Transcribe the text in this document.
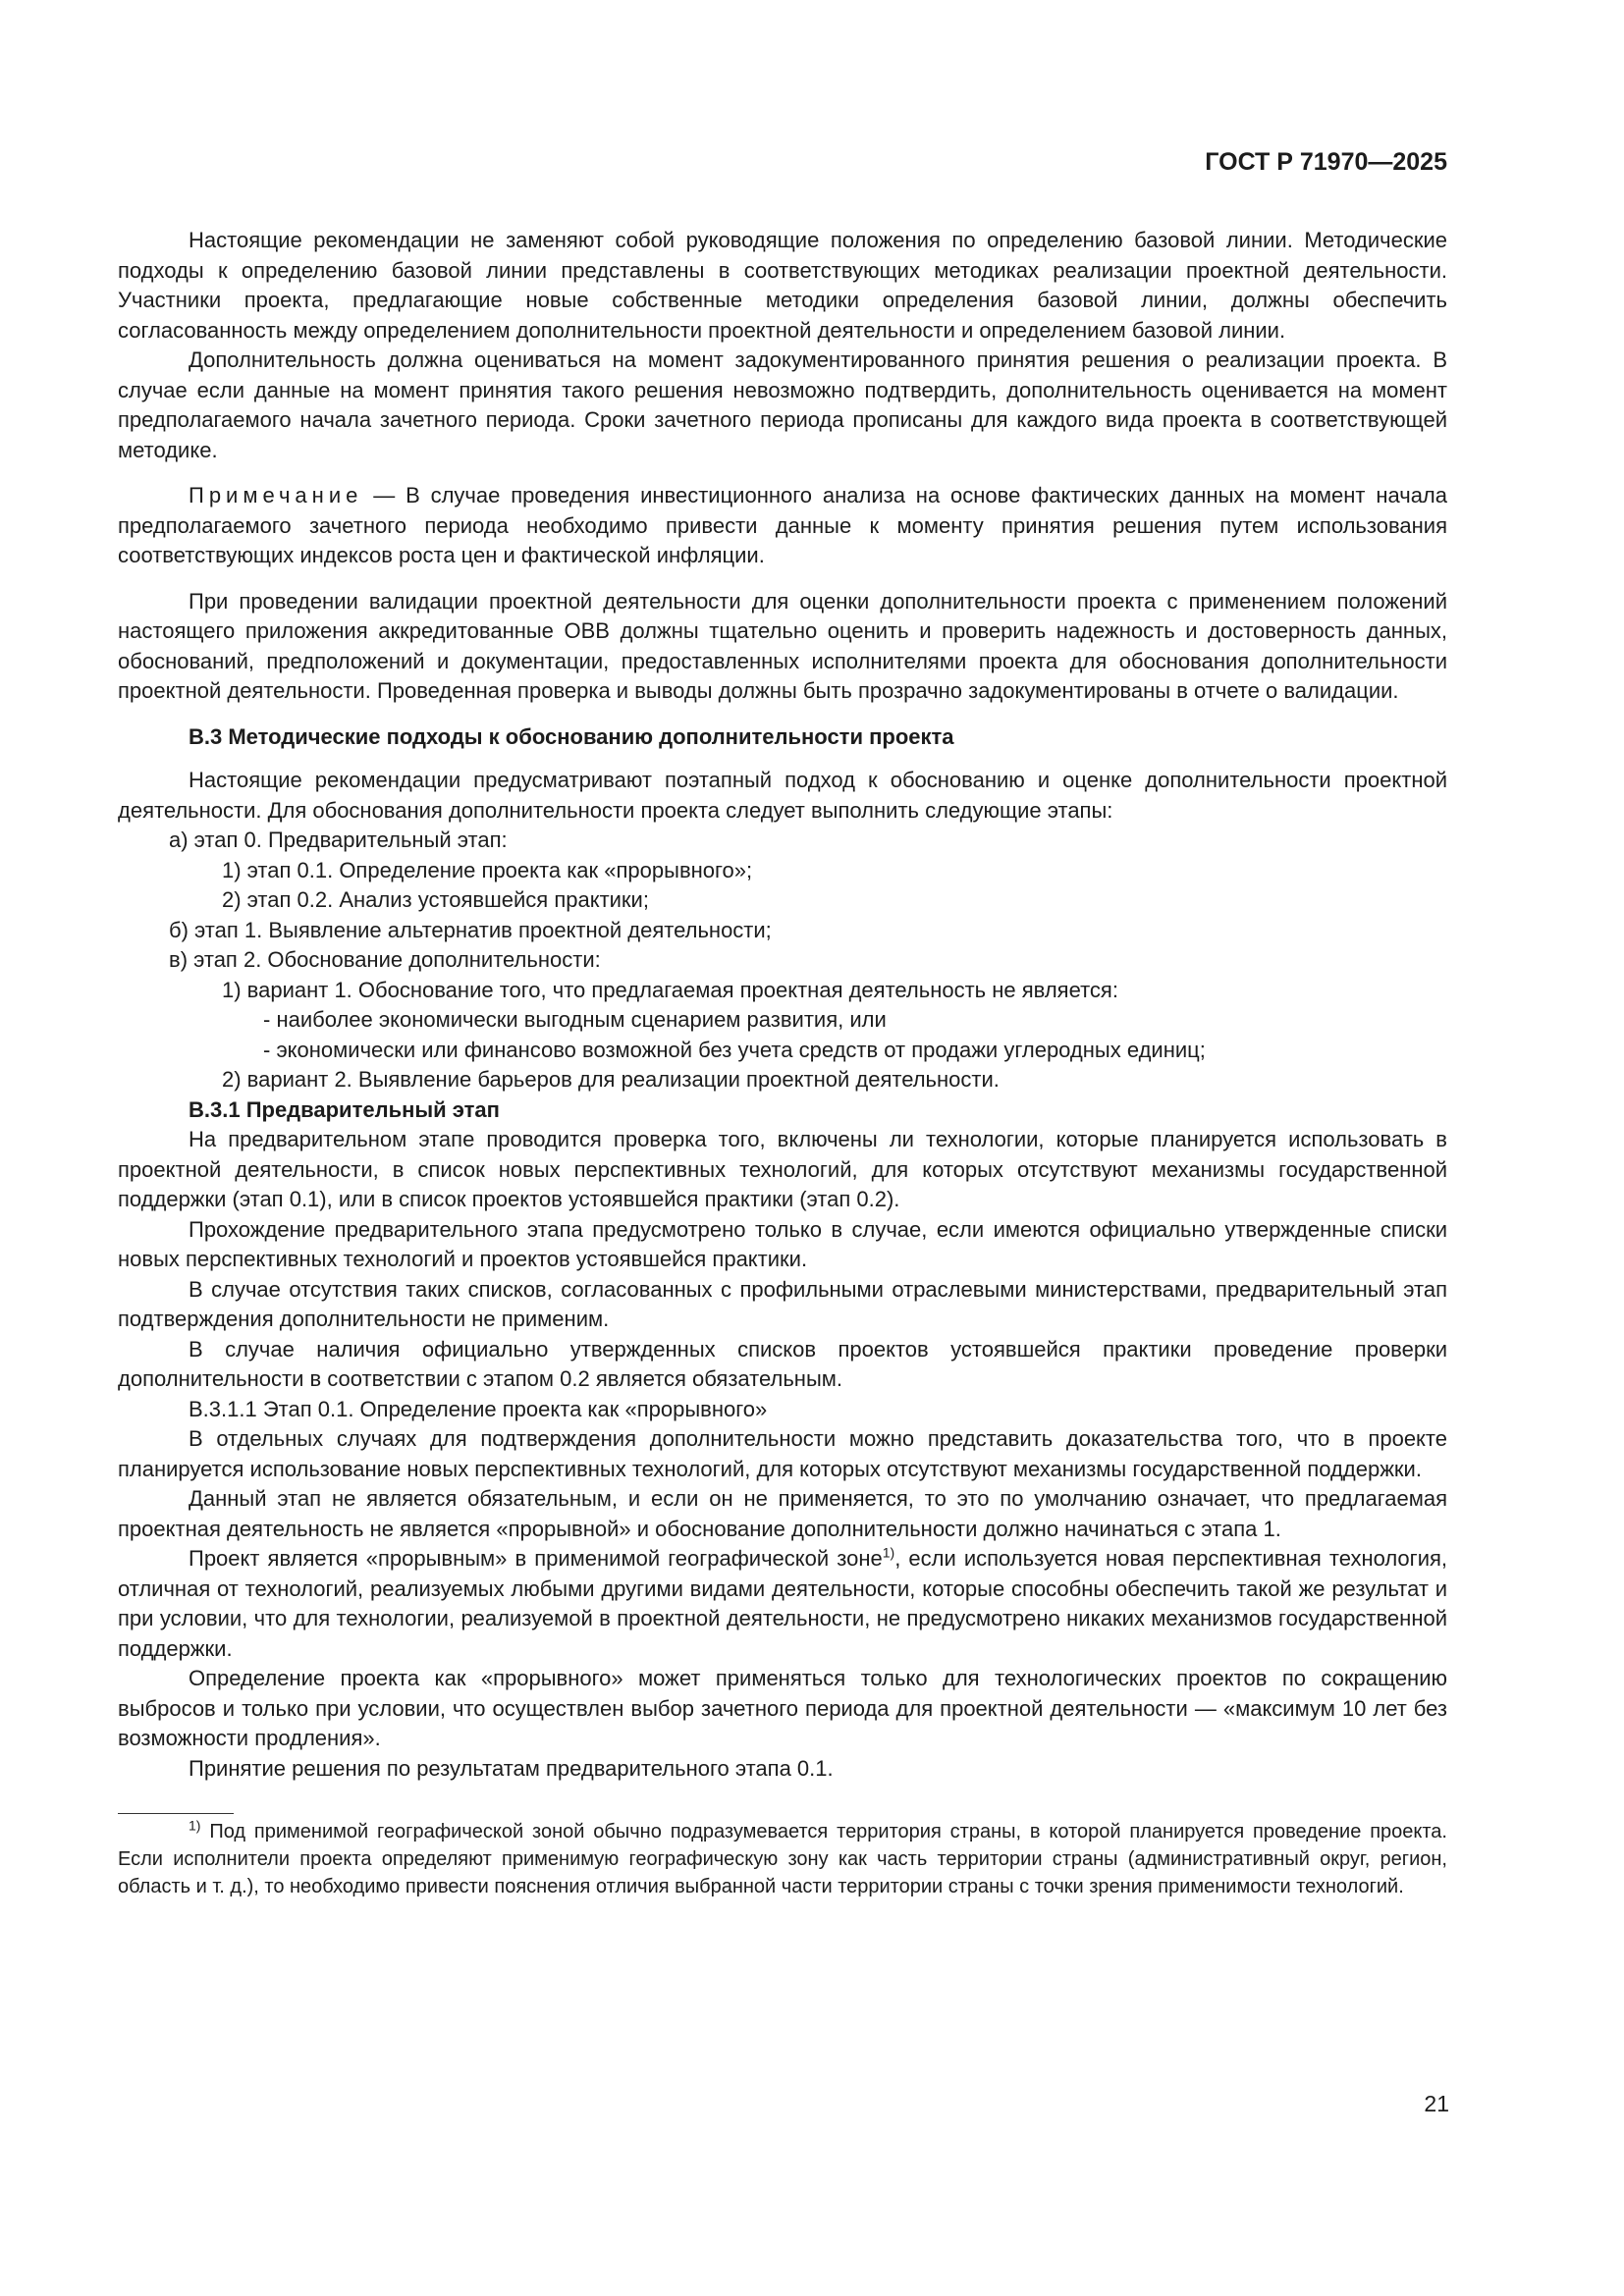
ГОСТ Р 71970—2025

Настоящие рекомендации не заменяют собой руководящие положения по определению базовой линии. Методические подходы к определению базовой линии представлены в соответствующих методиках реализации проектной деятельности. Участники проекта, предлагающие новые собственные методики определения базовой линии, должны обеспечить согласованность между определением дополнительности проектной деятельности и определением базовой линии.

Дополнительность должна оцениваться на момент задокументированного принятия решения о реализации проекта. В случае если данные на момент принятия такого решения невозможно подтвердить, дополнительность оценивается на момент предполагаемого начала зачетного периода. Сроки зачетного периода прописаны для каждого вида проекта в соответствующей методике.

Примечание — В случае проведения инвестиционного анализа на основе фактических данных на момент начала предполагаемого зачетного периода необходимо привести данные к моменту принятия решения путем использования соответствующих индексов роста цен и фактической инфляции.

При проведении валидации проектной деятельности для оценки дополнительности проекта с применением положений настоящего приложения аккредитованные ОВВ должны тщательно оценить и проверить надежность и достоверность данных, обоснований, предположений и документации, предоставленных исполнителями проекта для обоснования дополнительности проектной деятельности. Проведенная проверка и выводы должны быть прозрачно задокументированы в отчете о валидации.

В.3 Методические подходы к обоснованию дополнительности проекта

Настоящие рекомендации предусматривают поэтапный подход к обоснованию и оценке дополнительности проектной деятельности. Для обоснования дополнительности проекта следует выполнить следующие этапы:

а) этап 0. Предварительный этап:

1) этап 0.1. Определение проекта как «прорывного»;

2) этап 0.2. Анализ устоявшейся практики;

б) этап 1. Выявление альтернатив проектной деятельности;

в) этап 2. Обоснование дополнительности:

1) вариант 1. Обоснование того, что предлагаемая проектная деятельность не является:

- наиболее экономически выгодным сценарием развития, или

- экономически или финансово возможной без учета средств от продажи углеродных единиц;

2) вариант 2. Выявление барьеров для реализации проектной деятельности.

В.3.1 Предварительный этап

На предварительном этапе проводится проверка того, включены ли технологии, которые планируется использовать в проектной деятельности, в список новых перспективных технологий, для которых отсутствуют механизмы государственной поддержки (этап 0.1), или в список проектов устоявшейся практики (этап 0.2).

Прохождение предварительного этапа предусмотрено только в случае, если имеются официально утвержденные списки новых перспективных технологий и проектов устоявшейся практики.

В случае отсутствия таких списков, согласованных с профильными отраслевыми министерствами, предварительный этап подтверждения дополнительности не применим.

В случае наличия официально утвержденных списков проектов устоявшейся практики проведение проверки дополнительности в соответствии с этапом 0.2 является обязательным.

В.3.1.1 Этап 0.1. Определение проекта как «прорывного»

В отдельных случаях для подтверждения дополнительности можно представить доказательства того, что в проекте планируется использование новых перспективных технологий, для которых отсутствуют механизмы государственной поддержки.

Данный этап не является обязательным, и если он не применяется, то это по умолчанию означает, что предлагаемая проектная деятельность не является «прорывной» и обоснование дополнительности должно начинаться с этапа 1.

Проект является «прорывным» в применимой географической зоне$^{1)}$, если используется новая перспективная технология, отличная от технологий, реализуемых любыми другими видами деятельности, которые способны обеспечить такой же результат и при условии, что для технологии, реализуемой в проектной деятельности, не предусмотрено никаких механизмов государственной поддержки.

Определение проекта как «прорывного» может применяться только для технологических проектов по сокращению выбросов и только при условии, что осуществлен выбор зачетного периода для проектной деятельности — «максимум 10 лет без возможности продления».

Принятие решения по результатам предварительного этапа 0.1.

$^{1)}$ Под применимой географической зоной обычно подразумевается территория страны, в которой планируется проведение проекта. Если исполнители проекта определяют применимую географическую зону как часть территории страны (административный округ, регион, область и т. д.), то необходимо привести пояснения отличия выбранной части территории страны с точки зрения применимости технологий.

21
